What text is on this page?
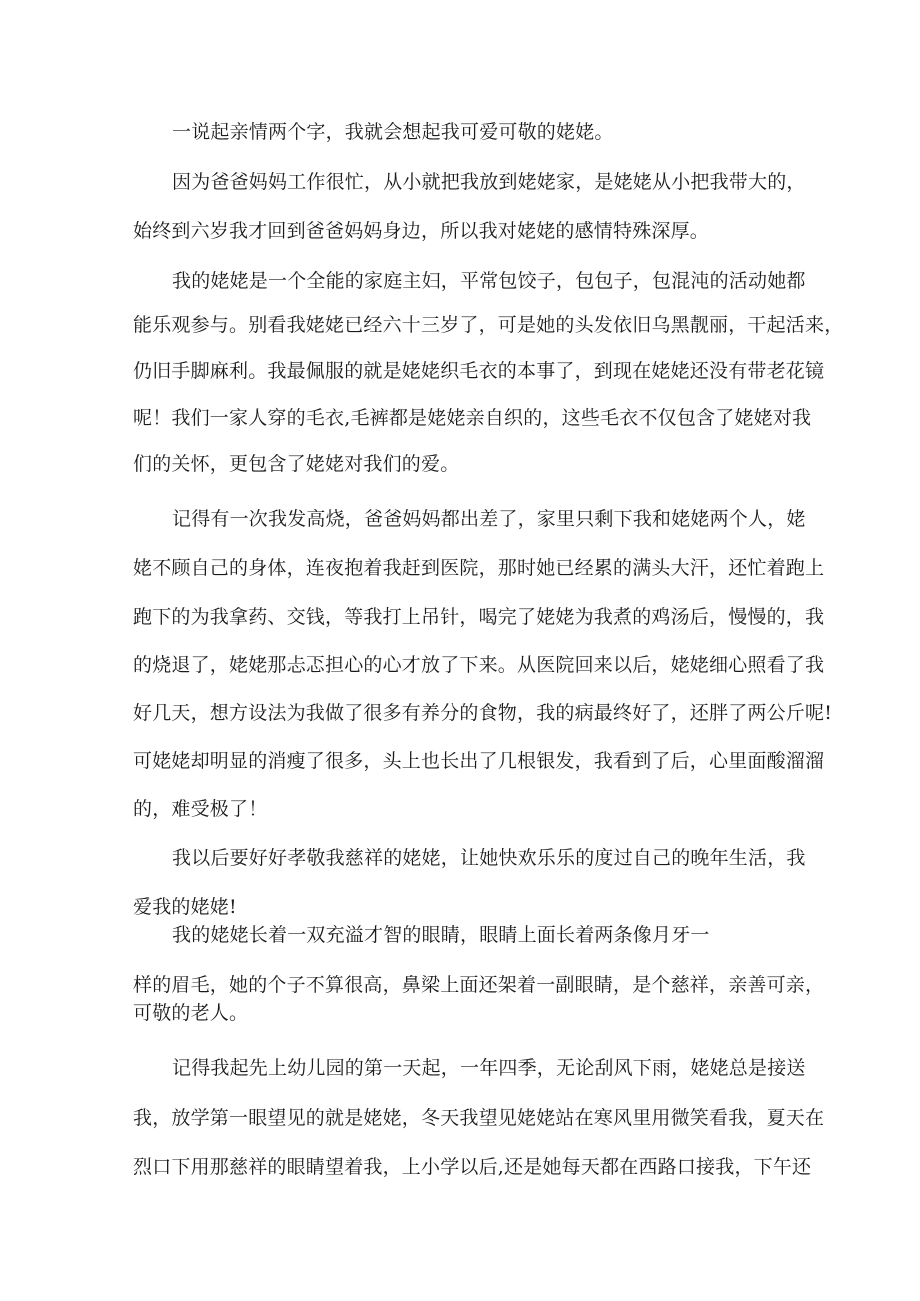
一说起亲情两个字，我就会想起我可爱可敬的姥姥。
因为爸爸妈妈工作很忙，从小就把我放到姥姥家，是姥姥从小把我带大的，
始终到六岁我才回到爸爸妈妈身边，所以我对姥姥的感情特殊深厚。
我的姥姥是一个全能的家庭主妇，平常包饺子，包包子，包混沌的活动她都
能乐观参与。别看我姥姥已经六十三岁了，可是她的头发依旧乌黑靓丽，干起活来，
仍旧手脚麻利。我最佩服的就是姥姥织毛衣的本事了，到现在姥姥还没有带老花镜
呢！我们一家人穿的毛衣,毛裤都是姥姥亲自织的，这些毛衣不仅包含了姥姥对我
们的关怀，更包含了姥姥对我们的爱。
记得有一次我发高烧，爸爸妈妈都出差了，家里只剩下我和姥姥两个人，姥
姥不顾自己的身体，连夜抱着我赶到医院，那时她已经累的满头大汗，还忙着跑上
跑下的为我拿药、交钱，等我打上吊针，喝完了姥姥为我煮的鸡汤后，慢慢的，我
的烧退了，姥姥那忐忑担心的心才放了下来。从医院回来以后，姥姥细心照看了我
好几天，想方设法为我做了很多有养分的食物，我的病最终好了，还胖了两公斤呢!
可姥姥却明显的消瘦了很多，头上也长出了几根银发，我看到了后，心里面酸溜溜
的，难受极了！
我以后要好好孝敬我慈祥的姥姥，让她快欢乐乐的度过自己的晚年生活，我
爱我的姥姥!
我的姥姥长着一双充溢才智的眼睛，眼睛上面长着两条像月牙一
样的眉毛，她的个子不算很高，鼻梁上面还架着一副眼睛，是个慈祥，亲善可亲，
可敬的老人。
记得我起先上幼儿园的第一天起，一年四季，无论刮风下雨，姥姥总是接送
我，放学第一眼望见的就是姥姥，冬天我望见姥姥站在寒风里用微笑看我，夏天在
烈口下用那慈祥的眼睛望着我，上小学以后,还是她每天都在西路口接我，下午还
